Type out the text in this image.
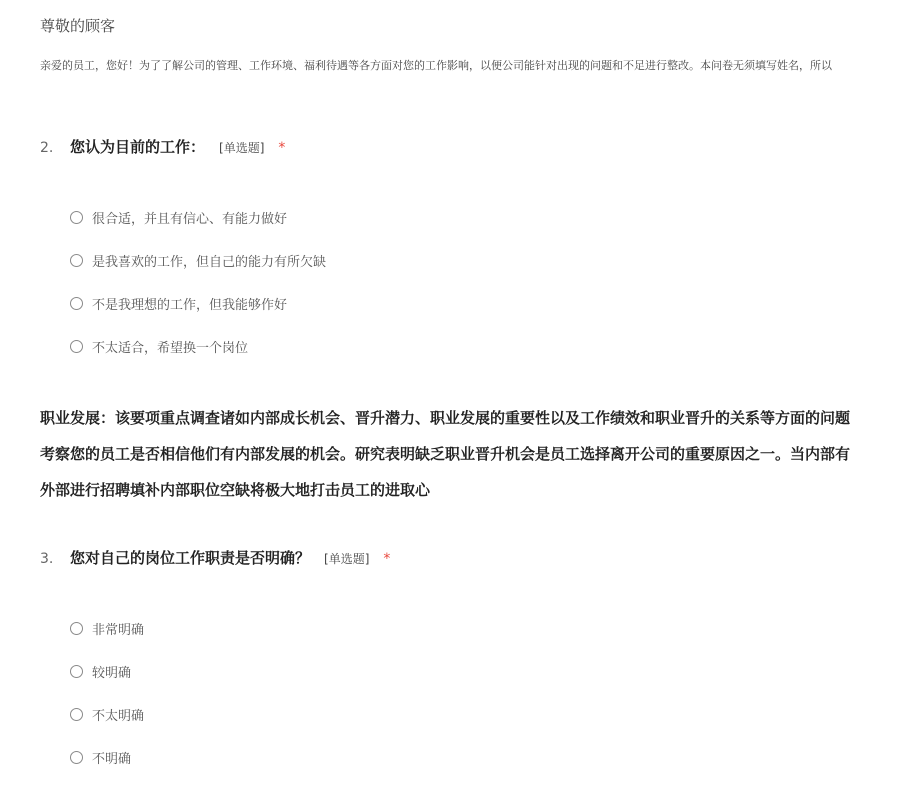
尊敬的顾客
亲爱的员工，您好！为了了解公司的管理、工作环境、福利待遇等各方面对您的工作影响，以便公司能针对出现的问题和不足进行整改。本问卷无须填写姓名，所以
2.	您认为目前的工作： [单选题] *
很合适，并且有信心、有能力做好
是我喜欢的工作，但自己的能力有所欠缺
不是我理想的工作，但我能够作好
不太适合，希望换一个岗位
职业发展：该要项重点调查诸如内部成长机会、晋升潜力、职业发展的重要性以及工作绩效和职业晋升的关系等方面的问题
考察您的员工是否相信他们有内部发展的机会。研究表明缺乏职业晋升机会是员工选择离开公司的重要原因之一。当内部有
外部进行招聘填补内部职位空缺将极大地打击员工的进取心
3.	您对自己的岗位工作职责是否明确？ [单选题] *
非常明确
较明确
不太明确
不明确
